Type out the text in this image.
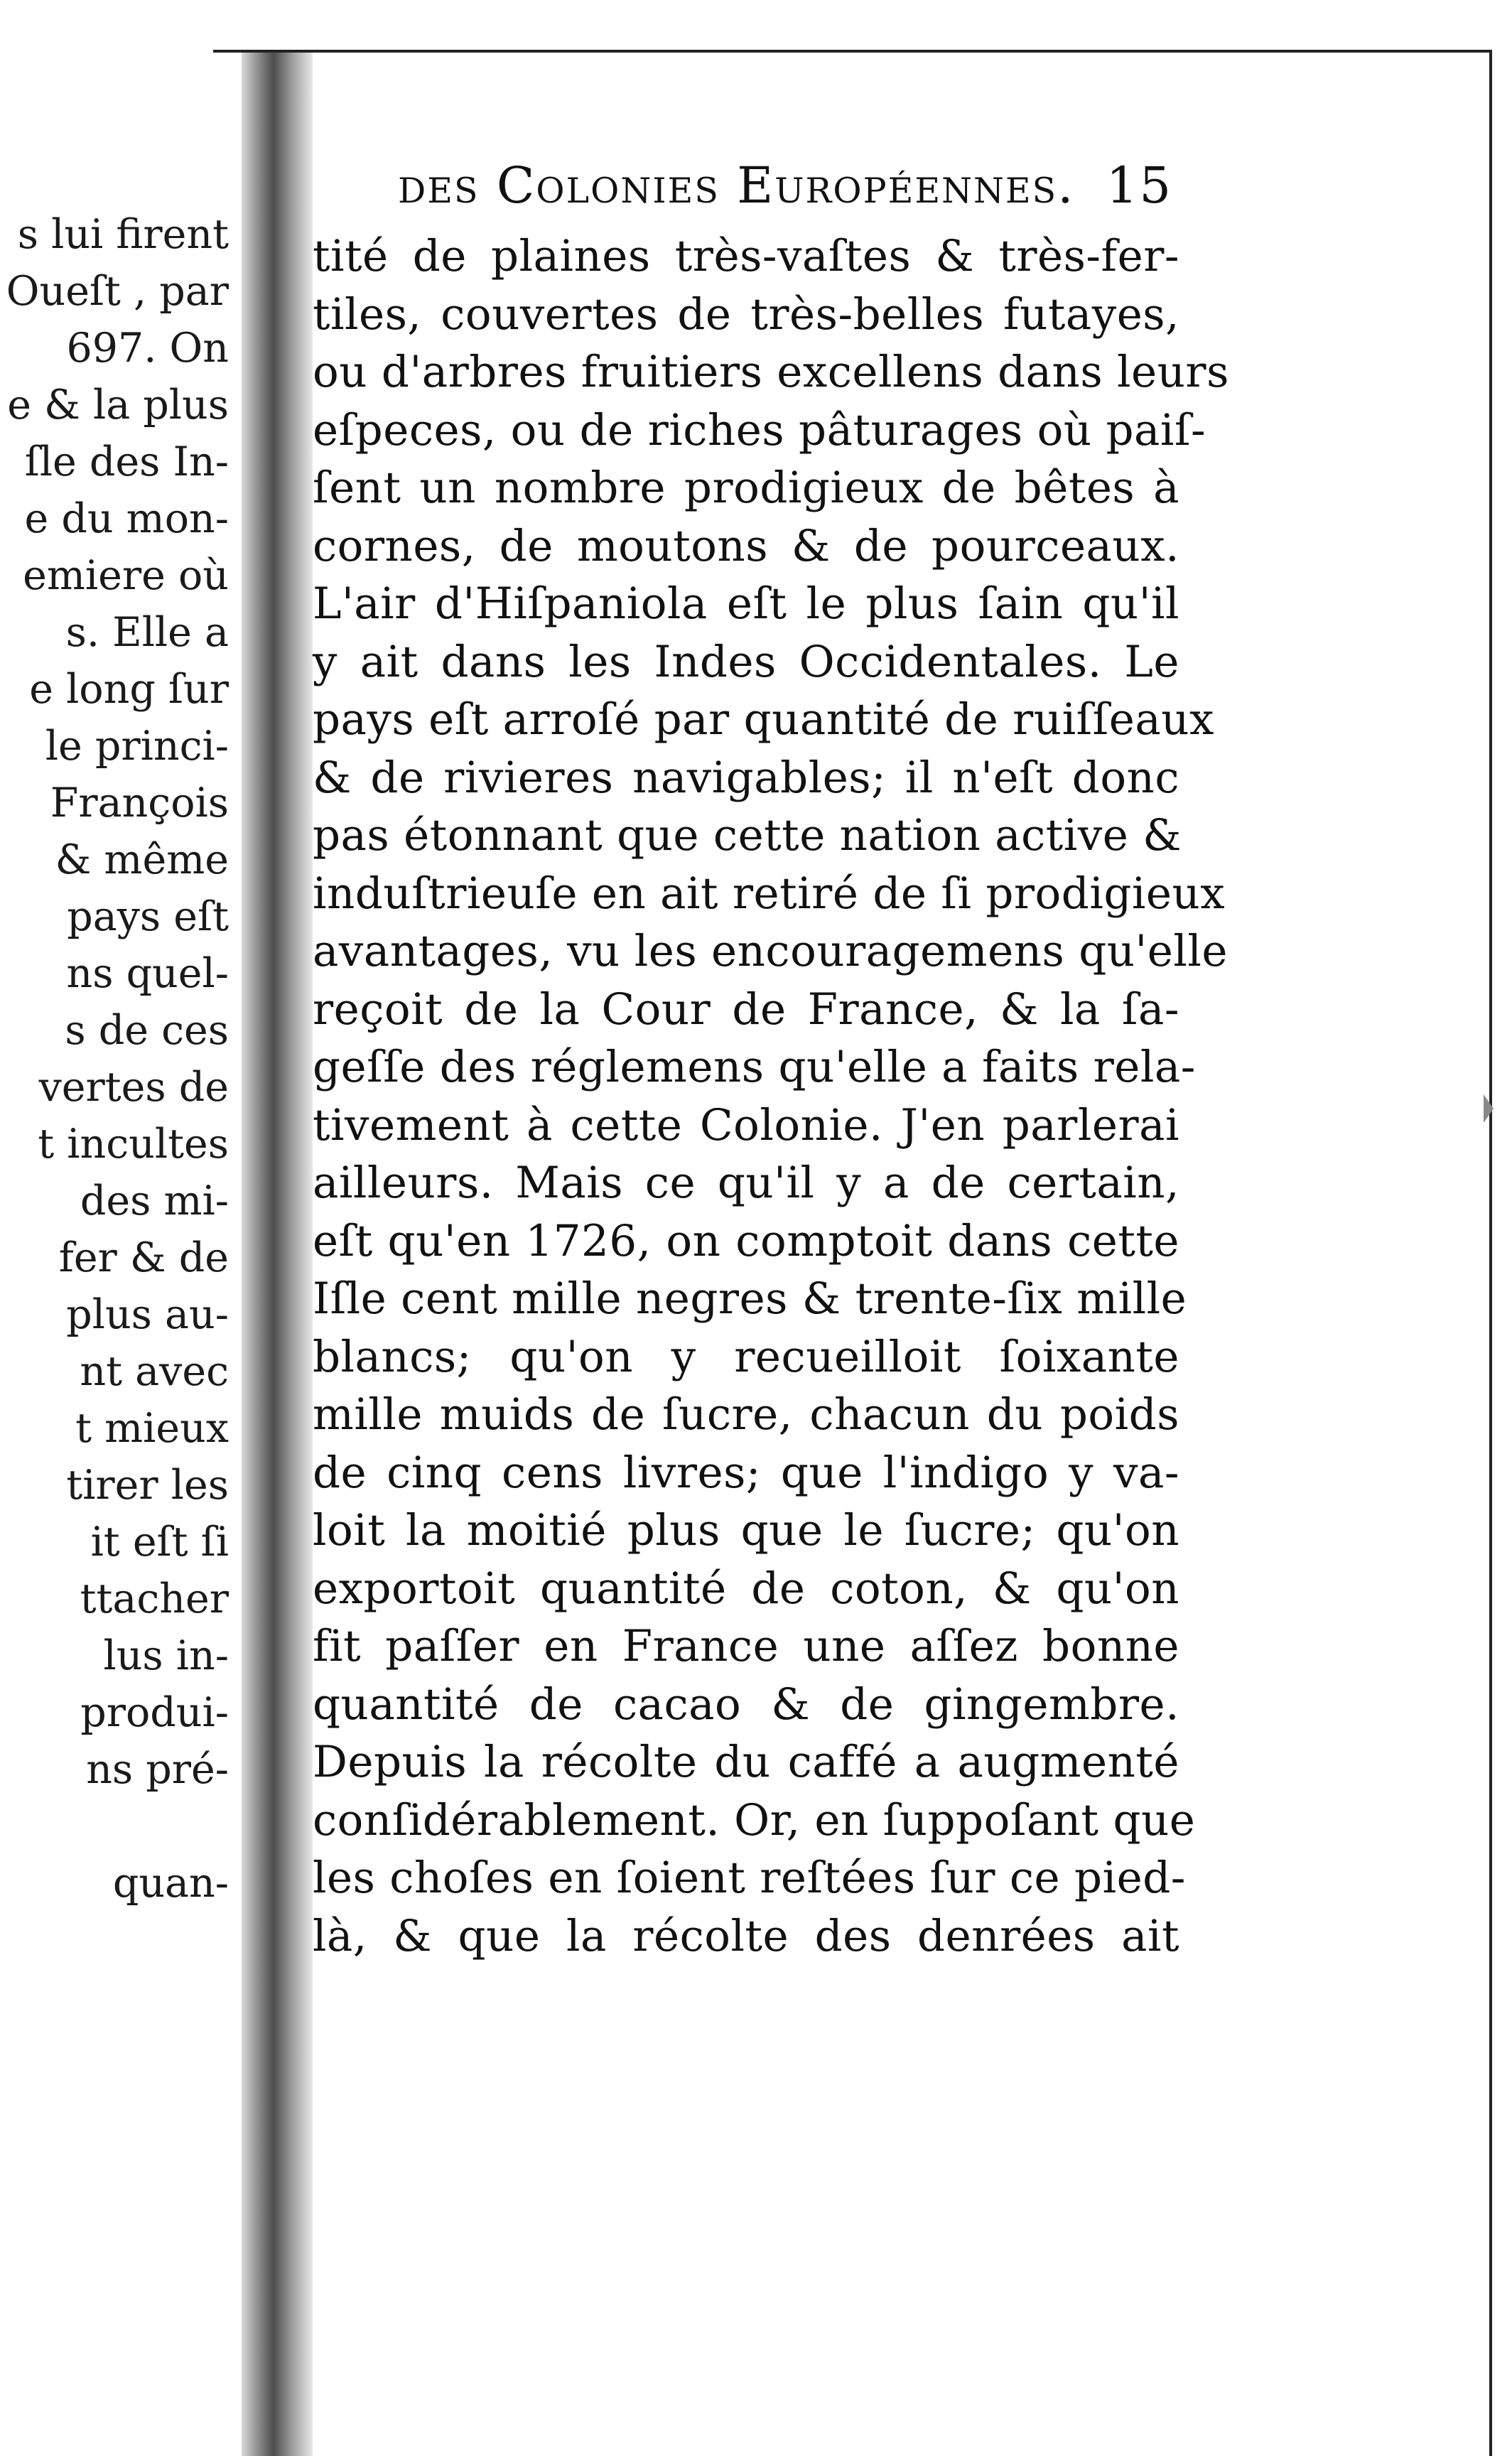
s lui firent
Oueſt , par
697. On
e & la plus
ſle des In-
e du mon-
emiere où
s. Elle a
e long ſur
le princi-
François
& même
pays eſt
ns quel-
s de ces
vertes de
t incultes
des mi-
fer & de
plus au-
nt avec
t mieux
tirer les
it eſt ſi
ttacher
lus in-
produi-
ns pré-
quan-
des Colonies Européennes. 15
tité de plaines très-vaſtes & très-fer-
tiles, couvertes de très-belles futayes,
ou d'arbres fruitiers excellens dans leurs
eſpeces, ou de riches pâturages où paiſ-
ſent un nombre prodigieux de bêtes à
cornes, de moutons & de pourceaux.
L'air d'Hiſpaniola eſt le plus ſain qu'il
y ait dans les Indes Occidentales. Le
pays eſt arroſé par quantité de ruiſſeaux
& de rivieres navigables; il n'eſt donc
pas étonnant que cette nation active &
induſtrieuſe en ait retiré de ſi prodigieux
avantages, vu les encouragemens qu'elle
reçoit de la Cour de France, & la ſa-
geſſe des réglemens qu'elle a faits rela-
tivement à cette Colonie. J'en parlerai
ailleurs. Mais ce qu'il y a de certain,
eſt qu'en 1726, on comptoit dans cette
Iſle cent mille negres & trente-ſix mille
blancs; qu'on y recueilloit ſoixante
mille muids de ſucre, chacun du poids
de cinq cens livres; que l'indigo y va-
loit la moitié plus que le ſucre; qu'on
exportoit quantité de coton, & qu'on
fit paſſer en France une aſſez bonne
quantité de cacao & de gingembre.
Depuis la récolte du caffé a augmenté
conſidérablement. Or, en ſuppoſant que
les choſes en ſoient reſtées ſur ce pied-
là, & que la récolte des denrées ait
